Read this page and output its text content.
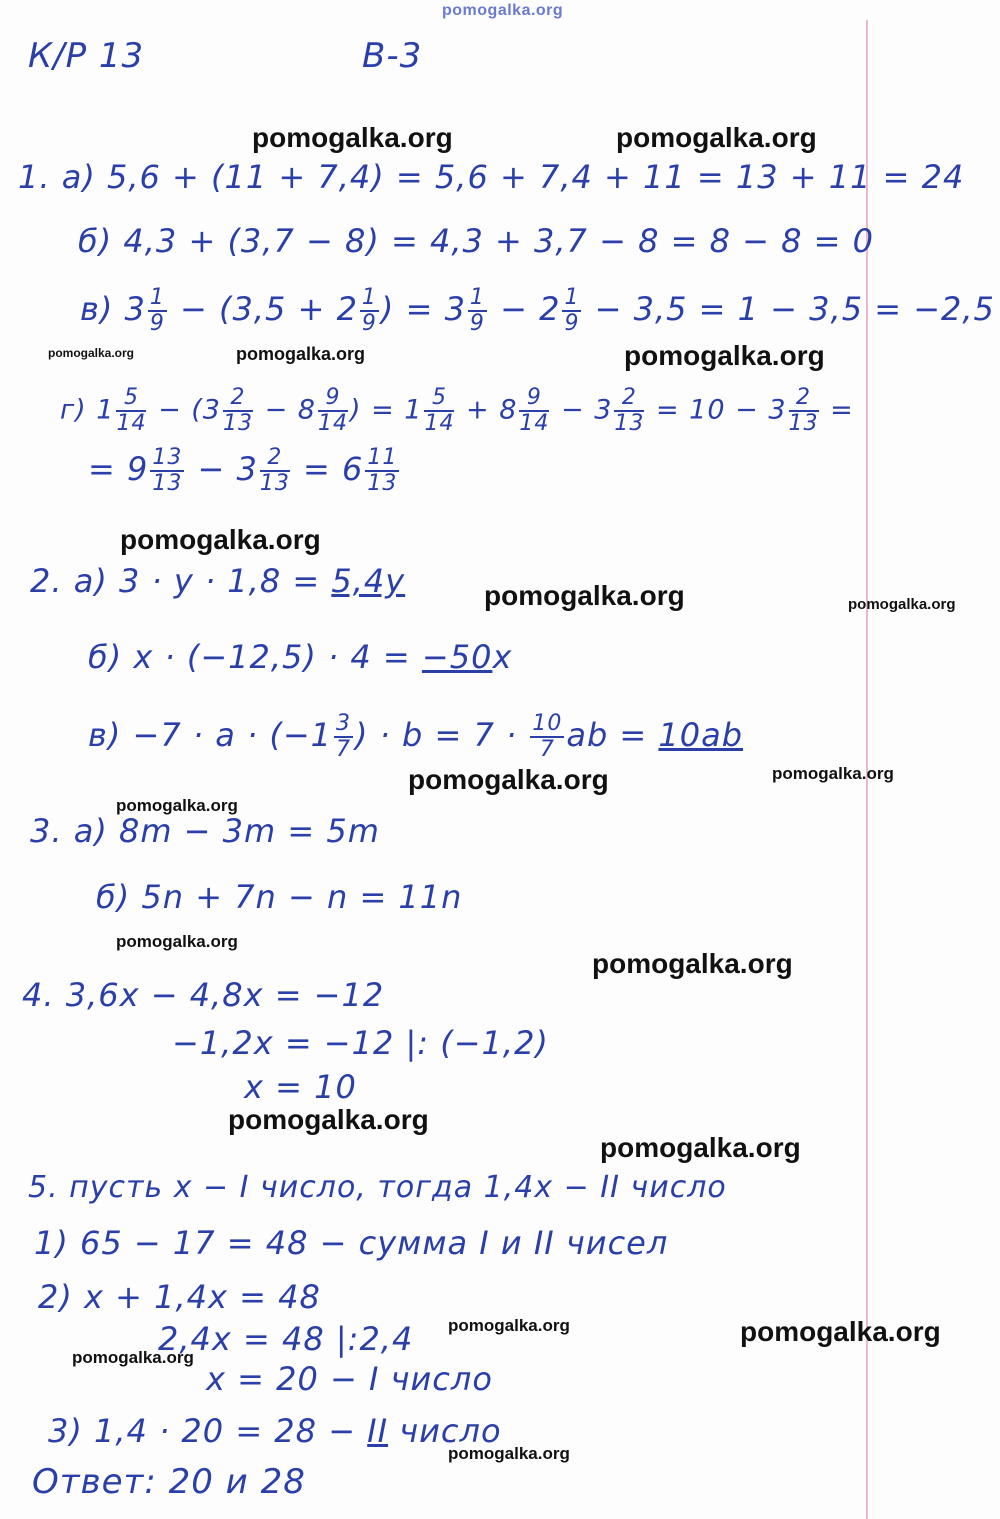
pomogalka.org
К/Р 13	В-3
1. а) 5,6 + (11 + 7,4) = 5,6 + 7,4 + 11 = 13 + 11 = 24
б) 4,3 + (3,7 − 8) = 4,3 + 3,7 − 8 = 8 − 8 = 0
в) $3 \frac{1}{9} - (3,5 + 2 \frac{1}{9}$ ) = $3 \frac{1}{9} - 2 \frac{1}{9} - 3,5 = 1 - 3,5 = -2,5$
г) $1 \frac{5}{14} - (3 \frac{2}{13} - 8 \frac{9}{14}$ ) = $1 \frac{5}{14} + 8 \frac{9}{14} - 3 \frac{2}{13} = 10 - 3 \frac{2}{13}$ =
= $9 \frac{13}{13} - 3 \frac{2}{13} = 6 \frac{11}{13}$
2. а) 3 · y · 1,8 = 5,4y
б) x · (−12,5) · 4 = −50x
$в) -7 \cdot a \cdot (-1 \frac{3}{7}$ ) · $b = 7 \cdot \frac{10}{7}$ ab = 10ab
3. а) 8m − 3m = 5m
б) 5n + 7n − n = 11n
4. 3,6x − 4,8x = −12
−1,2x = −12 |: (−1,2)
x = 10
5. пусть x − I число, тогда 1,4x − II число
1) 65 − 17 = 48 − сумма I и II чисел
2) x + 1,4x = 48
2,4x = 48 |:2,4
x = 20 − I число
3) 1,4 · 20 = 28 − II число
Ответ: 20 и 28
pomogalka.org	pomogalka.org
pomogalka.org	pomogalka.org	pomogalka.org
pomogalka.org
pomogalka.org	pomogalka.org
pomogalka.org	pomogalka.org
pomogalka.org
pomogalka.org
pomogalka.org
pomogalka.org
pomogalka.org
pomogalka.org	pomogalka.org
pomogalka.org
pomogalka.org
